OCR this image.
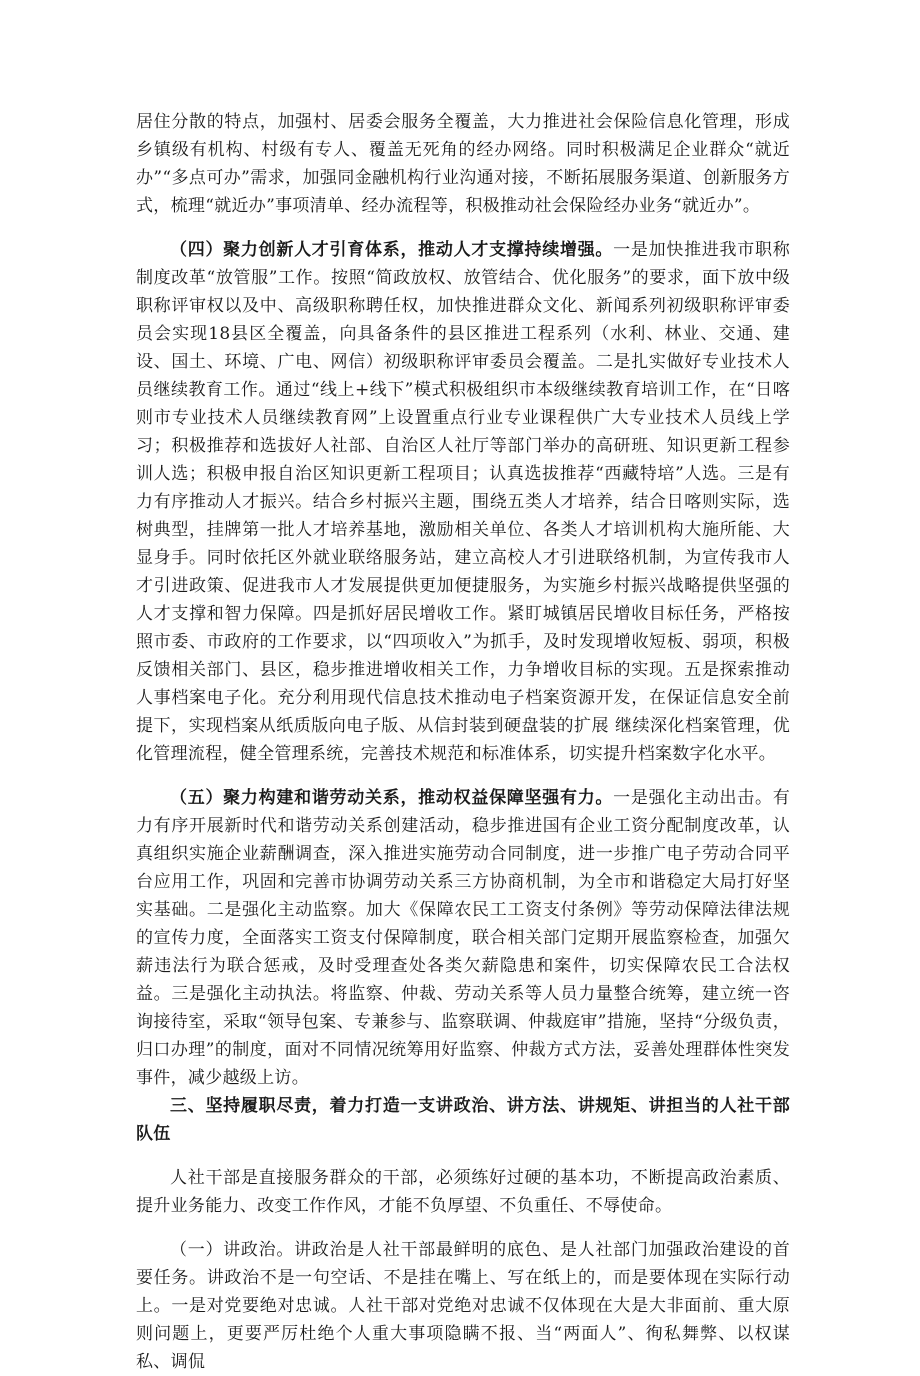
居住分散的特点，加强村、居委会服务全覆盖，大力推进社会保险信息化管理，形成乡镇级有机构、村级有专人、覆盖无死角的经办网络。同时积极满足企业群众“就近办”“多点可办”需求，加强同金融机构行业沟通对接，不断拓展服务渠道、创新服务方式，梳理“就近办”事项清单、经办流程等，积极推动社会保险经办业务“就近办”。

（四）聚力创新人才引育体系，推动人才支撑持续增强。一是加快推进我市职称制度改革“放管服”工作。按照“简政放权、放管结合、优化服务”的要求，面下放中级职称评审权以及中、高级职称聘任权，加快推进群众文化、新闻系列初级职称评审委员会实现18县区全覆盖，向具备条件的县区推进工程系列（水利、林业、交通、建设、国土、环境、广电、网信）初级职称评审委员会覆盖。二是扎实做好专业技术人员继续教育工作。通过“线上+线下”模式积极组织市本级继续教育培训工作，在“日喀则市专业技术人员继续教育网”上设置重点行业专业课程供广大专业技术人员线上学习；积极推荐和选拔好人社部、自治区人社厅等部门举办的高研班、知识更新工程参训人选；积极申报自治区知识更新工程项目；认真选拔推荐“西藏特培”人选。三是有力有序推动人才振兴。结合乡村振兴主题，围绕五类人才培养，结合日喀则实际，选树典型，挂牌第一批人才培养基地，激励相关单位、各类人才培训机构大施所能、大显身手。同时依托区外就业联络服务站，建立高校人才引进联络机制，为宣传我市人才引进政策、促进我市人才发展提供更加便捷服务，为实施乡村振兴战略提供坚强的人才支撑和智力保障。四是抓好居民增收工作。紧盯城镇居民增收目标任务，严格按照市委、市政府的工作要求，以“四项收入”为抓手，及时发现增收短板、弱项，积极反馈相关部门、县区，稳步推进增收相关工作，力争增收目标的实现。五是探索推动人事档案电子化。充分利用现代信息技术推动电子档案资源开发，在保证信息安全前提下，实现档案从纸质版向电子版、从信封装到硬盘装的扩展 继续深化档案管理，优化管理流程，健全管理系统，完善技术规范和标准体系，切实提升档案数字化水平。

（五）聚力构建和谐劳动关系，推动权益保障坚强有力。一是强化主动出击。有力有序开展新时代和谐劳动关系创建活动，稳步推进国有企业工资分配制度改革，认真组织实施企业薪酬调查，深入推进实施劳动合同制度，进一步推广电子劳动合同平台应用工作，巩固和完善市协调劳动关系三方协商机制，为全市和谐稳定大局打好坚实基础。二是强化主动监察。加大《保障农民工工资支付条例》等劳动保障法律法规的宣传力度，全面落实工资支付保障制度，联合相关部门定期开展监察检查，加强欠薪违法行为联合惩戒，及时受理查处各类欠薪隐患和案件，切实保障农民工合法权益。三是强化主动执法。将监察、仲裁、劳动关系等人员力量整合统筹，建立统一咨询接待室，采取“领导包案、专兼参与、监察联调、仲裁庭审”措施，坚持“分级负责，归口办理”的制度，面对不同情况统筹用好监察、仲裁方式方法，妥善处理群体性突发事件，减少越级上访。

三、坚持履职尽责，着力打造一支讲政治、讲方法、讲规矩、讲担当的人社干部队伍

人社干部是直接服务群众的干部，必须练好过硬的基本功，不断提高政治素质、提升业务能力、改变工作作风，才能不负厚望、不负重任、不辱使命。

（一）讲政治。讲政治是人社干部最鲜明的底色、是人社部门加强政治建设的首要任务。讲政治不是一句空话、不是挂在嘴上、写在纸上的，而是要体现在实际行动上。一是对党要绝对忠诚。人社干部对党绝对忠诚不仅体现在大是大非面前、重大原则问题上，更要严厉杜绝个人重大事项隐瞒不报、当“两面人”、徇私舞弊、以权谋私、调侃
